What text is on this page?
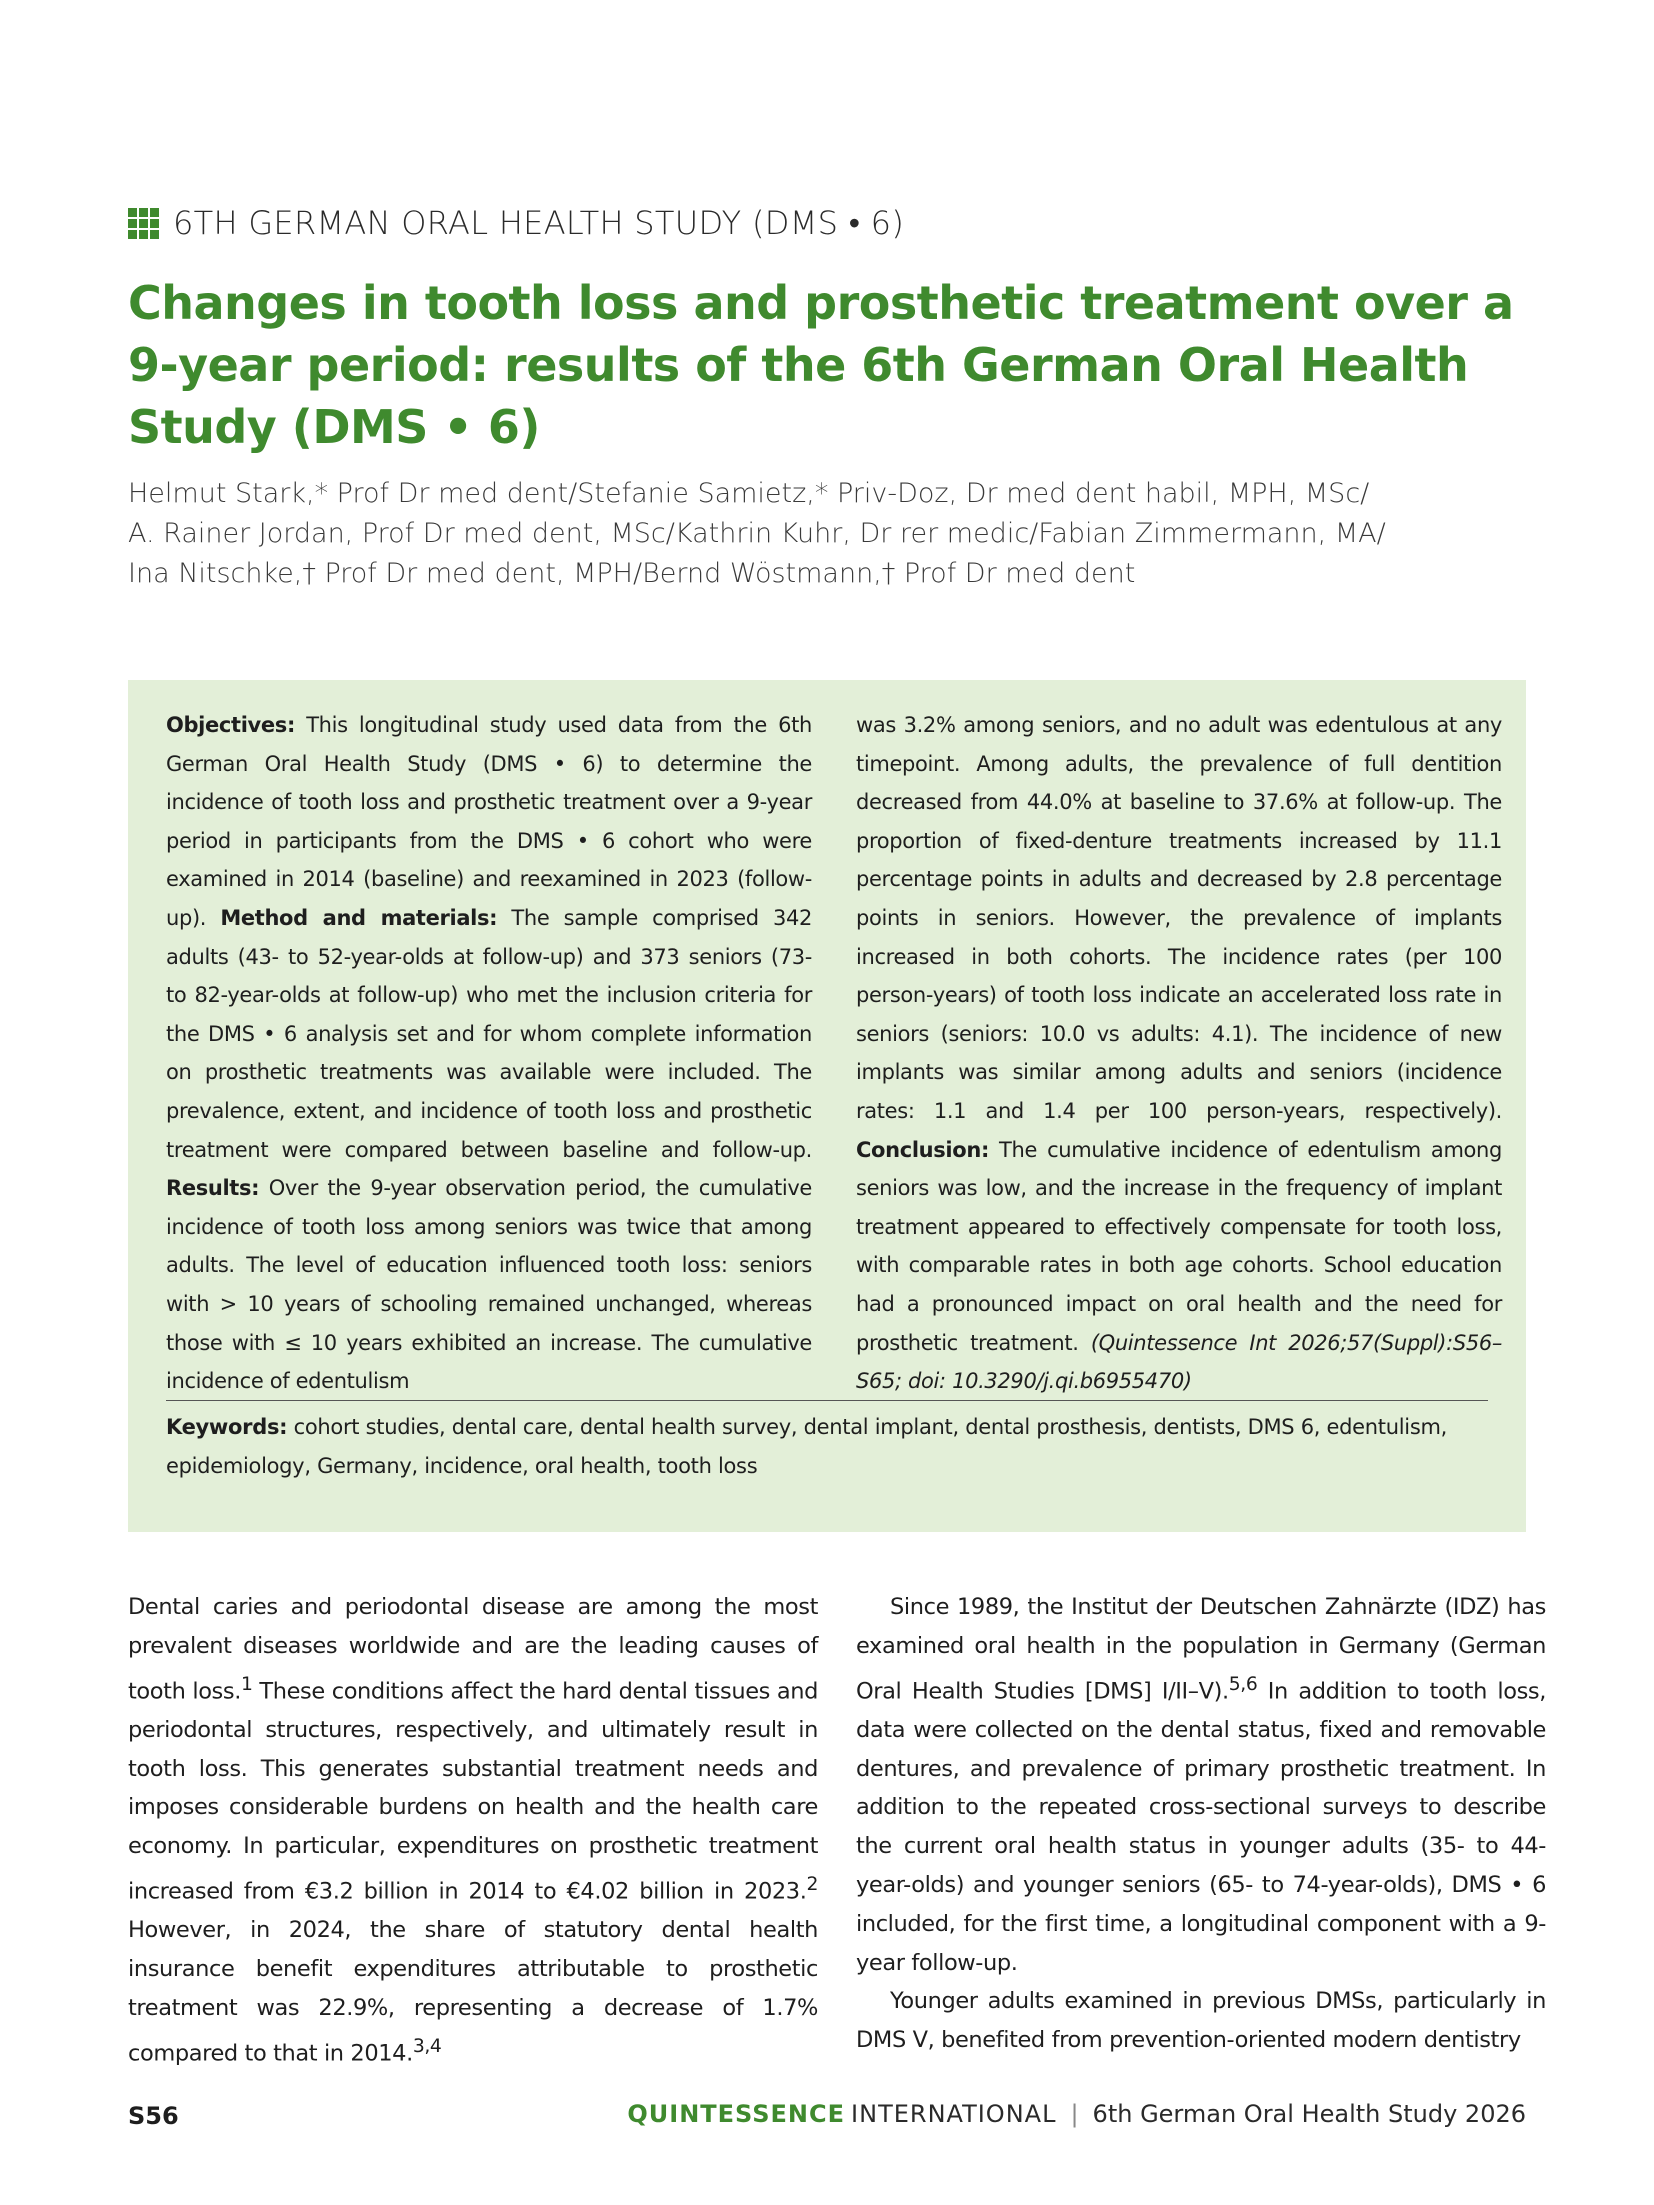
6TH GERMAN ORAL HEALTH STUDY (DMS • 6)
Changes in tooth loss and prosthetic treatment over a 9-year period: results of the 6th German Oral Health Study (DMS • 6)
Helmut Stark,* Prof Dr med dent/Stefanie Samietz,* Priv-Doz, Dr med dent habil, MPH, MSc/
A. Rainer Jordan, Prof Dr med dent, MSc/Kathrin Kuhr, Dr rer medic/Fabian Zimmermann, MA/
Ina Nitschke,† Prof Dr med dent, MPH/Bernd Wöstmann,† Prof Dr med dent
Objectives: This longitudinal study used data from the 6th German Oral Health Study (DMS • 6) to determine the incidence of tooth loss and prosthetic treatment over a 9-year period in participants from the DMS • 6 cohort who were examined in 2014 (baseline) and reexamined in 2023 (follow-up). Method and materials: The sample comprised 342 adults (43- to 52-year-olds at follow-up) and 373 seniors (73- to 82-year-olds at follow-up) who met the inclusion criteria for the DMS • 6 analysis set and for whom complete information on prosthetic treatments was available were included. The prevalence, extent, and incidence of tooth loss and prosthetic treatment were compared between baseline and follow-up. Results: Over the 9-year observation period, the cumulative incidence of tooth loss among seniors was twice that among adults. The level of education influenced tooth loss: seniors with > 10 years of schooling remained unchanged, whereas those with ≤ 10 years exhibited an increase. The cumulative incidence of edentulism
was 3.2% among seniors, and no adult was edentulous at any timepoint. Among adults, the prevalence of full dentition decreased from 44.0% at baseline to 37.6% at follow-up. The proportion of fixed-denture treatments increased by 11.1 percentage points in adults and decreased by 2.8 percentage points in seniors. However, the prevalence of implants increased in both cohorts. The incidence rates (per 100 person-years) of tooth loss indicate an accelerated loss rate in seniors (seniors: 10.0 vs adults: 4.1). The incidence of new implants was similar among adults and seniors (incidence rates: 1.1 and 1.4 per 100 person-years, respectively). Conclusion: The cumulative incidence of edentulism among seniors was low, and the increase in the frequency of implant treatment appeared to effectively compensate for tooth loss, with comparable rates in both age cohorts. School education had a pronounced impact on oral health and the need for prosthetic treatment. (Quintessence Int 2026;57(Suppl):S56–S65; doi: 10.3290/j.qi.b6955470)
Keywords: cohort studies, dental care, dental health survey, dental implant, dental prosthesis, dentists, DMS 6, edentulism, epidemiology, Germany, incidence, oral health, tooth loss

Dental caries and periodontal disease are among the most prevalent diseases worldwide and are the leading causes of tooth loss.$^1$ These conditions affect the hard dental tissues and periodontal structures, respectively, and ultimately result in tooth loss. This generates substantial treatment needs and imposes considerable burdens on health and the health care economy. In particular, expenditures on prosthetic treatment increased from €3.2 billion in 2014 to €4.02 billion in 2023.$^2$ However, in 2024, the share of statutory dental health insurance benefit expenditures attributable to prosthetic treatment was 22.9%, representing a decrease of 1.7% compared to that in 2014.$^{3,4}$

Since 1989, the Institut der Deutschen Zahnärzte (IDZ) has examined oral health in the population in Germany (German Oral Health Studies [DMS] I/II–V).$^{5,6}$ In addition to tooth loss, data were collected on the dental status, fixed and removable dentures, and prevalence of primary prosthetic treatment. In addition to the repeated cross-sectional surveys to describe the current oral health status in younger adults (35- to 44-year-olds) and younger seniors (65- to 74-year-olds), DMS • 6 included, for the first time, a longitudinal component with a 9-year follow-up.

Younger adults examined in previous DMSs, particularly in DMS V, benefited from prevention-oriented modern dentistry

S56	QUINTESSENCE INTERNATIONAL | 6th German Oral Health Study 2026
